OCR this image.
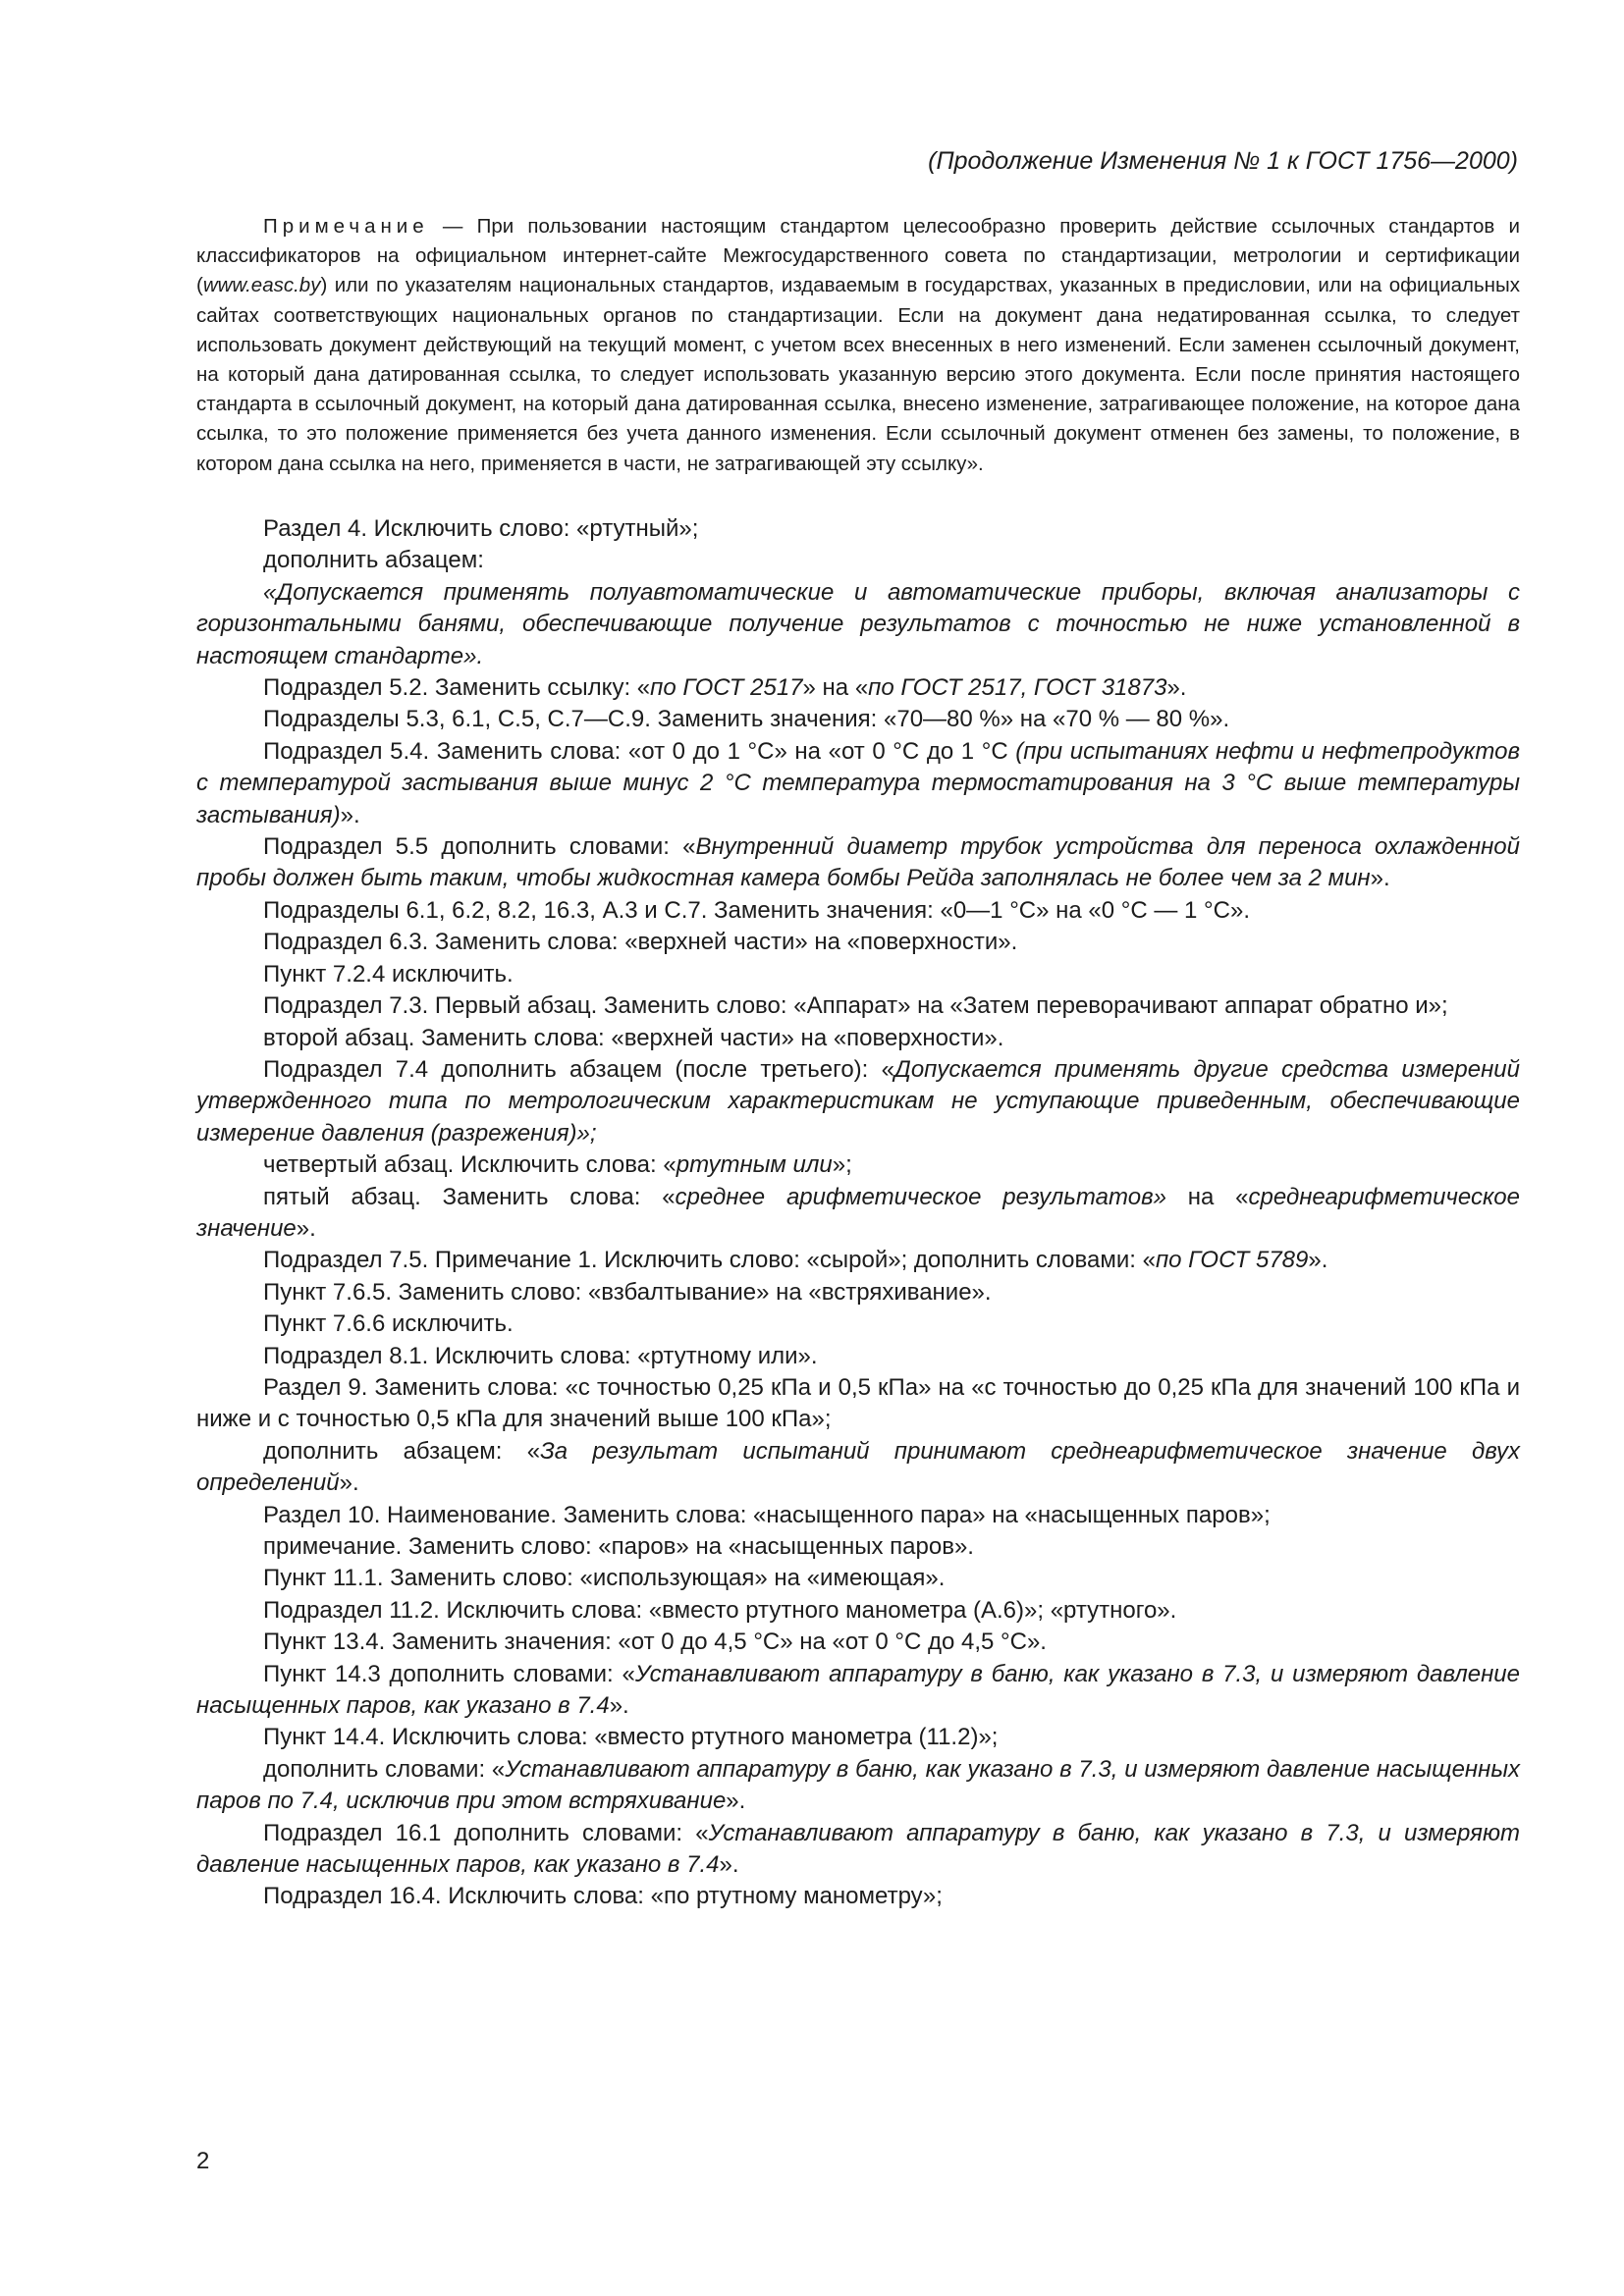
(Продолжение Изменения № 1 к ГОСТ 1756—2000)

Примечание — При пользовании настоящим стандартом целесообразно проверить действие ссылочных стандартов и классификаторов на официальном интернет-сайте Межгосударственного совета по стандартизации, метрологии и сертификации (www.easc.by) или по указателям национальных стандартов, издаваемым в государствах, указанных в предисловии, или на официальных сайтах соответствующих национальных органов по стандартизации. Если на документ дана недатированная ссылка, то следует использовать документ действующий на текущий момент, с учетом всех внесенных в него изменений. Если заменен ссылочный документ, на который дана датированная ссылка, то следует использовать указанную версию этого документа. Если после принятия настоящего стандарта в ссылочный документ, на который дана датированная ссылка, внесено изменение, затрагивающее положение, на которое дана ссылка, то это положение применяется без учета данного изменения. Если ссылочный документ отменен без замены, то положение, в котором дана ссылка на него, применяется в части, не затрагивающей эту ссылку».

Раздел 4. Исключить слово: «ртутный»;

дополнить абзацем:

«Допускается применять полуавтоматические и автоматические приборы, включая анализаторы с горизонтальными банями, обеспечивающие получение результатов с точностью не ниже установленной в настоящем стандарте».

Подраздел 5.2. Заменить ссылку: «по ГОСТ 2517» на «по ГОСТ 2517, ГОСТ 31873».

Подразделы 5.3, 6.1, С.5, С.7—С.9. Заменить значения: «70—80 %» на «70 % — 80 %».

Подраздел 5.4. Заменить слова: «от 0 до 1 °С» на «от 0 °С до 1 °С (при испытаниях нефти и нефтепродуктов с температурой застывания выше минус 2 °С температура термостатирования на 3 °С выше температуры застывания)».

Подраздел 5.5 дополнить словами: «Внутренний диаметр трубок устройства для переноса охлажденной пробы должен быть таким, чтобы жидкостная камера бомбы Рейда заполнялась не более чем за 2 мин».

Подразделы 6.1, 6.2, 8.2, 16.3, А.3 и С.7. Заменить значения: «0—1 °С» на «0 °С — 1 °С».

Подраздел 6.3. Заменить слова: «верхней части» на «поверхности».

Пункт 7.2.4 исключить.

Подраздел 7.3. Первый абзац. Заменить слово: «Аппарат» на «Затем переворачивают аппарат обратно и»;

второй абзац. Заменить слова: «верхней части» на «поверхности».

Подраздел 7.4 дополнить абзацем (после третьего): «Допускается применять другие средства измерений утвержденного типа по метрологическим характеристикам не уступающие приведенным, обеспечивающие измерение давления (разрежения)»;

четвертый абзац. Исключить слова: «ртутным или»;

пятый абзац. Заменить слова: «среднее арифметическое результатов» на «среднеарифметическое значение».

Подраздел 7.5. Примечание 1. Исключить слово: «сырой»; дополнить словами: «по ГОСТ 5789».

Пункт 7.6.5. Заменить слово: «взбалтывание» на «встряхивание».

Пункт 7.6.6 исключить.

Подраздел 8.1. Исключить слова: «ртутному или».

Раздел 9. Заменить слова: «с точностью 0,25 кПа и 0,5 кПа» на «с точностью до 0,25 кПа для значений 100 кПа и ниже и с точностью 0,5 кПа для значений выше 100 кПа»;

дополнить абзацем: «За результат испытаний принимают среднеарифметическое значение двух определений».

Раздел 10. Наименование. Заменить слова: «насыщенного пара» на «насыщенных паров»;

примечание. Заменить слово: «паров» на «насыщенных паров».

Пункт 11.1. Заменить слово: «использующая» на «имеющая».

Подраздел 11.2. Исключить слова: «вместо ртутного манометра (А.6)»; «ртутного».

Пункт 13.4. Заменить значения: «от 0 до 4,5 °С» на «от 0 °С до 4,5 °С».

Пункт 14.3 дополнить словами: «Устанавливают аппаратуру в баню, как указано в 7.3, и измеряют давление насыщенных паров, как указано в 7.4».

Пункт 14.4. Исключить слова: «вместо ртутного манометра (11.2)»;

дополнить словами: «Устанавливают аппаратуру в баню, как указано в 7.3, и измеряют давление насыщенных паров по 7.4, исключив при этом встряхивание».

Подраздел 16.1 дополнить словами: «Устанавливают аппаратуру в баню, как указано в 7.3, и измеряют давление насыщенных паров, как указано в 7.4».

Подраздел 16.4. Исключить слова: «по ртутному манометру»;

2
